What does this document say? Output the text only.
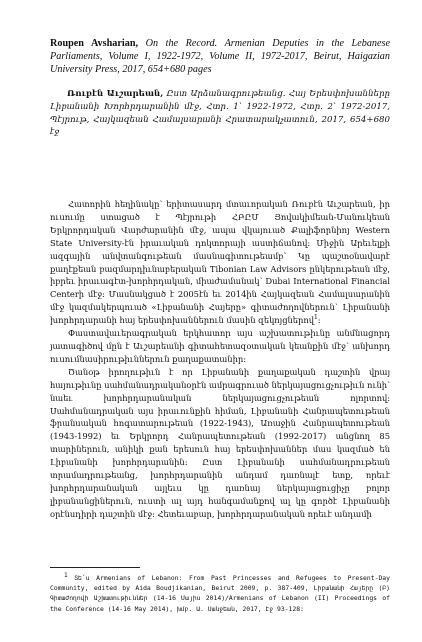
Roupen Avsharian, On the Record. Armenian Deputies in the Lebanese Parliaments, Volume I, 1922-1972, Volume II, 1972-2017, Beirut, Haigazian University Press, 2017, 654+680 pages

Ռուբէն Աւշարեան, Ըստ Արձանագրութեանց. Հայ Երեսփոխանները Լիբանանի Խորհրդարանին մէջ, Հտր. 1՝ 1922-1972, Հտր. 2՝ 1972-2017, Պէյրութ, Հայկազեան Համալսարանի Հրատարակչատուն, 2017, 654+680 էջ

Հատորին հեղինակը՝ երիտասարդ մտաւորական Ռուբէն Աւշարեան, իր ուսումը ստացած է Պէյրութի ՀԲԸՄ Յովակիմեան-Մանուկեան Երկրորդական Վարժարանին մէջ, ապա վկայուած Քալիֆորնիոյ Western State University-էն իրաւական դոկտորայի աստիճանով: Միջին Արեւելքի ազգային անվտանգութեան մասնագիտութեամբ՝ Կը պաշտօնավարէ քաղէքեան բազմարդիւնաբերական Tibonian Law Advisors ընկերութեան մէջ, իբրեւ իրաւագէտ-խորհրդական, միաժամանակ՝ Dubai International Financial Centerի մէջ: Մասնակցած է 2005էն եւ 2014ին Հայկազեան Համալսարանին մէջ կազմակերպուած «Լիբանանի Հայերը» գիտաժողովներուն՝ Լիբանանի խորհրդարանի հայ երեսփոխաններուն մասին զեկոյցներով$^1$:

Փաստավաւերագրական երկհատոր այս աշխատութիւնը անմնացորդ յատագիծով մըն է Աւշարեանի գիտահետազօտական կեանքին մէջ՝ անխորդ ուսումնասիրութիւններուն քաղաքատանիր:

Ծանօթ իրողութիւն է որ Լիբանանի քաղաքական դաշտին վրայ հայութիւնը սահմանադրականօրէն ամրագրուած ներկայացուցչութիւն ունի՝ նաեւ խորհրդարանական ներկայացուցչութեան ոլորտով: Սահմանադրական այս իրաւունքին հիման, Լիբանանի Հանրապետութեան ֆրանսական հոգատարութեան (1922-1943), Առաջին Հանրապետութեան (1943-1992) եւ Երկրորդ Հանրապետութեան (1992-2017) անցնող 85 տարիներուն, անիկի քան երեսուն հայ երեսփոխաններ մաս կազմած են Լիբանանի խորհրդարանին: Ըստ Լիբանանի սահմանադրութեան տրամադրութեանց, խորհրդարանին անդամ դառնալէ ետք, որեւէ խորհրդարանական այլեւս կը դառնայ ներկայացուցիչը բոլոր լիբանանցիներուն, ուստի ալ այդ հանգամանքով ալ կը գործէ Լիբանանի օրէնսդիրի դաշտին մէջ: Հետեւաբար, խորհրդարանական որեւէ անդամի

1 Տե՛ս Armenians of Lebanon: From Past Princesses and Refugees to Present-Day Community, edited by Aida Boudjikanian, Beirut 2009, p. 387-409, Լիբանանի Հայերը (Բ) Գիտաժողովի Աշխատութիւններ (14-16 Մայիս 2014)/Armenians of Lebanon (II) Proceedings of the Conference (14-16 May 2014), խմբ. Ա. Սանջեան, 2017, էջ 93-128:
